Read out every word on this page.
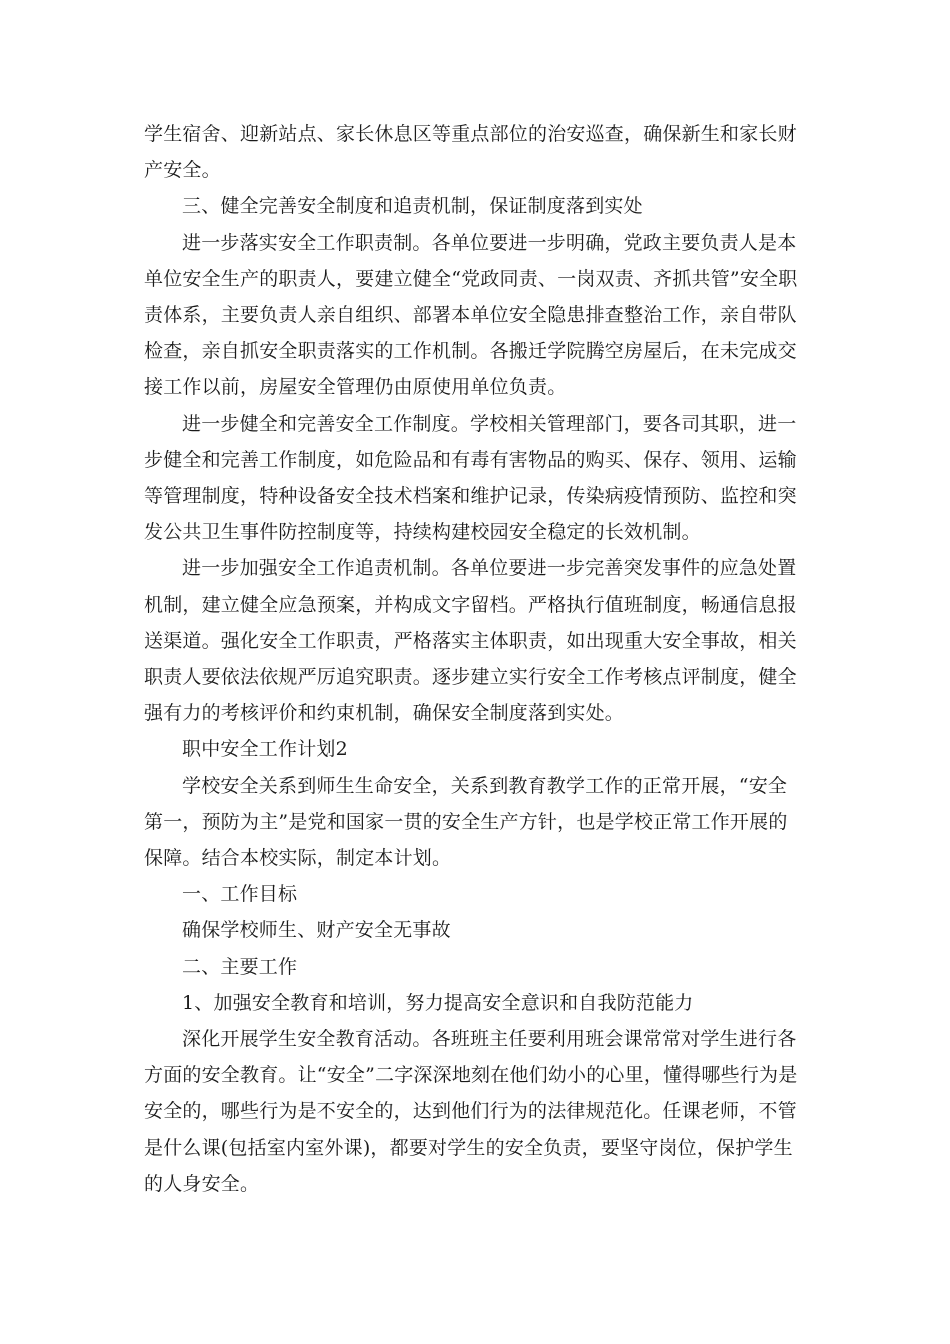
学生宿舍、迎新站点、家长休息区等重点部位的治安巡查，确保新生和家长财产安全。

三、健全完善安全制度和追责机制，保证制度落到实处

进一步落实安全工作职责制。各单位要进一步明确，党政主要负责人是本单位安全生产的职责人，要建立健全“党政同责、一岗双责、齐抓共管”安全职责体系，主要负责人亲自组织、部署本单位安全隐患排查整治工作，亲自带队检查，亲自抓安全职责落实的工作机制。各搬迁学院腾空房屋后，在未完成交接工作以前，房屋安全管理仍由原使用单位负责。

进一步健全和完善安全工作制度。学校相关管理部门，要各司其职，进一步健全和完善工作制度，如危险品和有毒有害物品的购买、保存、领用、运输等管理制度，特种设备安全技术档案和维护记录，传染病疫情预防、监控和突发公共卫生事件防控制度等，持续构建校园安全稳定的长效机制。

进一步加强安全工作追责机制。各单位要进一步完善突发事件的应急处置机制，建立健全应急预案，并构成文字留档。严格执行值班制度，畅通信息报送渠道。强化安全工作职责，严格落实主体职责，如出现重大安全事故，相关职责人要依法依规严厉追究职责。逐步建立实行安全工作考核点评制度，健全强有力的考核评价和约束机制，确保安全制度落到实处。

职中安全工作计划2

学校安全关系到师生生命安全，关系到教育教学工作的正常开展，“安全第一，预防为主”是党和国家一贯的安全生产方针，也是学校正常工作开展的保障。结合本校实际，制定本计划。

一、工作目标

确保学校师生、财产安全无事故

二、主要工作

1、加强安全教育和培训，努力提高安全意识和自我防范能力

深化开展学生安全教育活动。各班班主任要利用班会课常常对学生进行各方面的安全教育。让“安全”二字深深地刻在他们幼小的心里，懂得哪些行为是安全的，哪些行为是不安全的，达到他们行为的法律规范化。任课老师，不管是什么课(包括室内室外课)，都要对学生的安全负责，要坚守岗位，保护学生的人身安全。
